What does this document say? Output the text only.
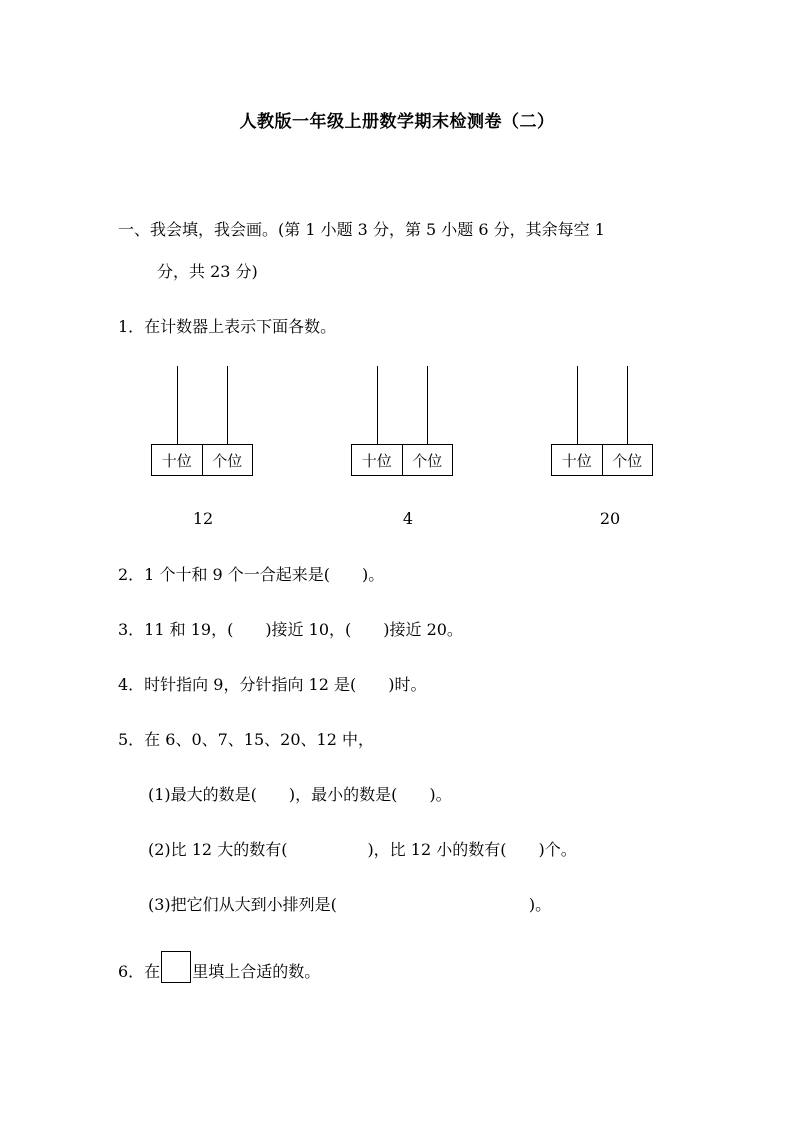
人教版一年级上册数学期末检测卷（二）
一、我会填，我会画。(第 1 小题 3 分，第 5 小题 6 分，其余每空 1
分，共 23 分)
1．在计数器上表示下面各数。
十位	个位
12
十位	个位
4
十位	个位
20
2．1 个十和 9 个一合起来是(　　)。
3．11 和 19，(　　)接近 10，(　　)接近 20。
4．时针指向 9，分针指向 12 是(　　)时。
5．在 6、0、7、15、20、12 中，
(1)最大的数是(　　)，最小的数是(　　)。
(2)比 12 大的数有(　　　　　)，比 12 小的数有(　　)个。
(3)把它们从大到小排列是(　　　　　　　　　　　　)。
6．在 里填上合适的数。
